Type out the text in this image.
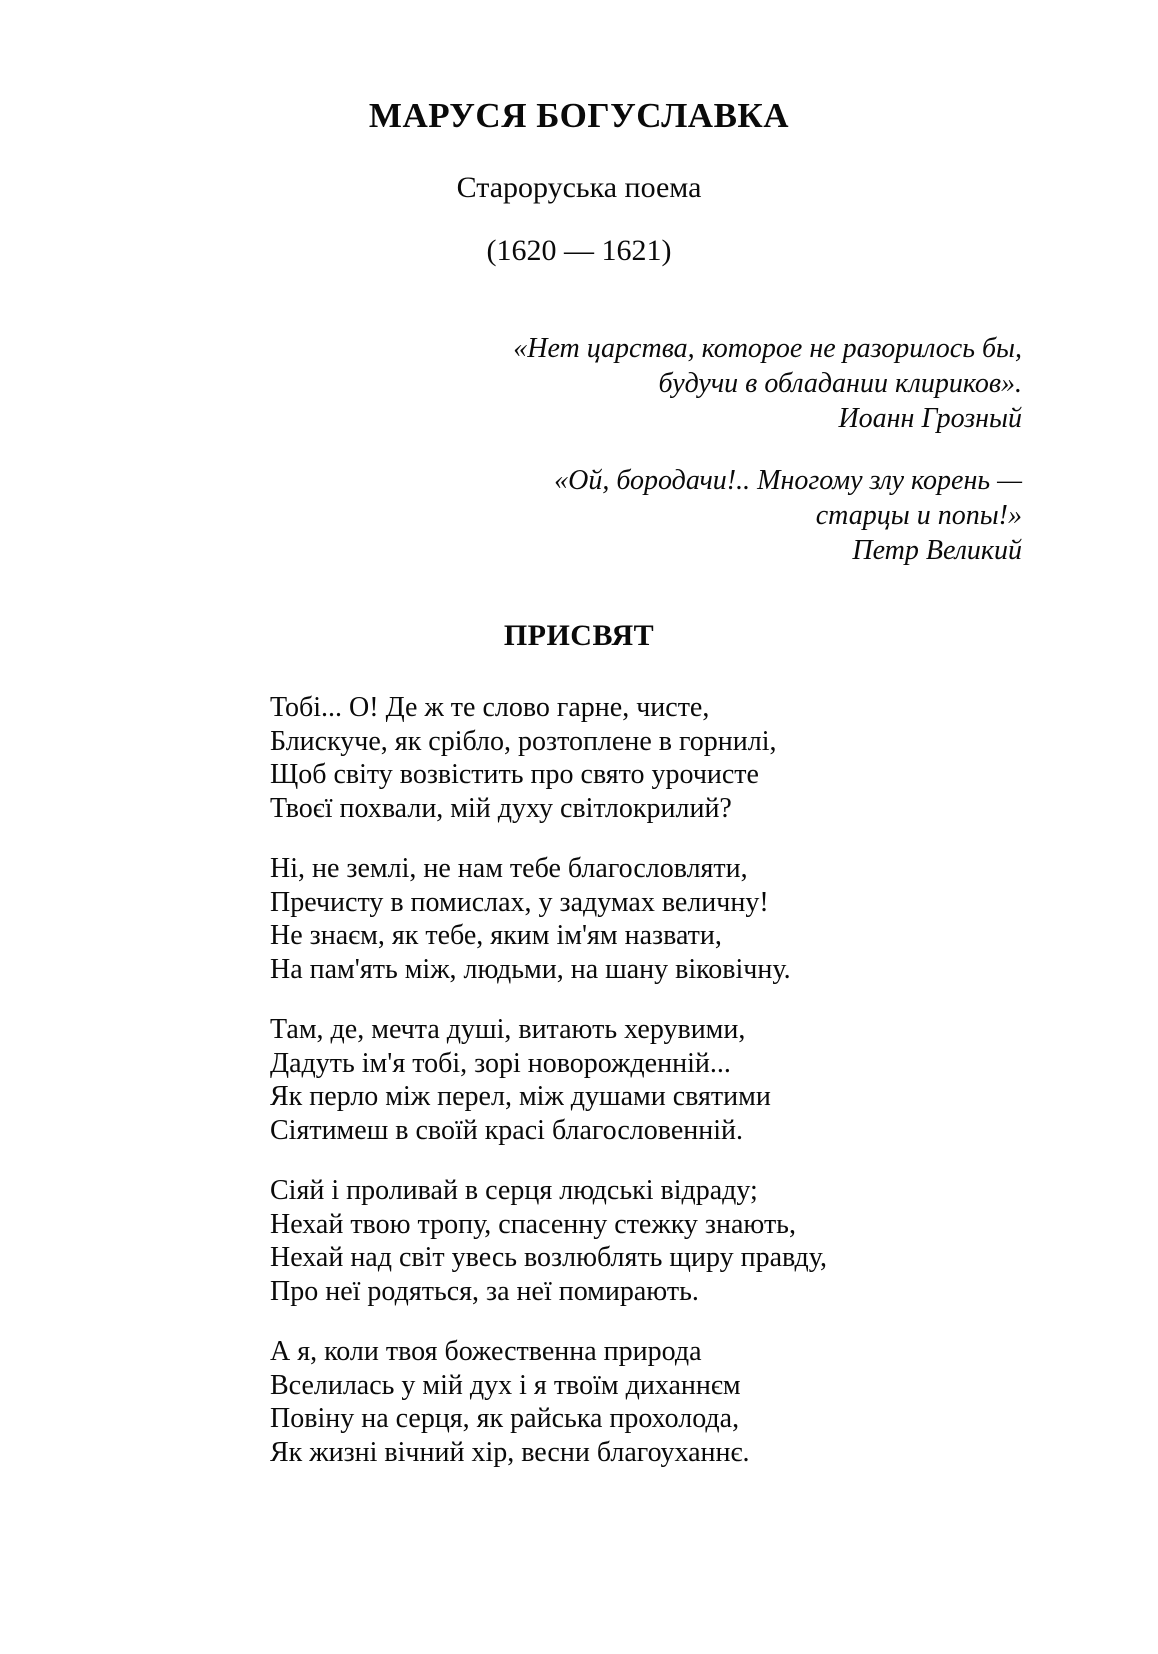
МАРУСЯ БОГУСЛАВКА
Староруська поема
(1620 — 1621)
«Нет царства, которое не разорилось бы,
будучи в обладании клириков».
Иоанн Грозный
«Ой, бородачи!.. Многому злу корень —
старцы и попы!»
Петр Великий
ПРИСВЯТ
Тобі... О! Де ж те слово гарне, чисте,
Блискуче, як срібло, розтоплене в горнилі,
Щоб світу возвістить про свято урочисте
Твоєї похвали, мій духу світлокрилий?
Ні, не землі, не нам тебе благословляти,
Пречисту в помислах, у задумах величну!
Не знаєм, як тебе, яким ім'ям назвати,
На пам'ять між, людьми, на шану віковічну.
Там, де, мечта душі, витають херувими,
Дадуть ім'я тобі, зорі новорожденній...
Як перло між перел, між душами святими
Сіятимеш в своїй красі благословенній.
Сіяй і проливай в серця людські відраду;
Нехай твою тропу, спасенну стежку знають,
Нехай над світ увесь возлюблять щиру правду,
Про неї родяться, за неї помирають.
А я, коли твоя божественна природа
Вселилась у мій дух і я твоїм диханнєм
Повіну на серця, як райська прохолода,
Як жизні вічний хір, весни благоуханнє.
